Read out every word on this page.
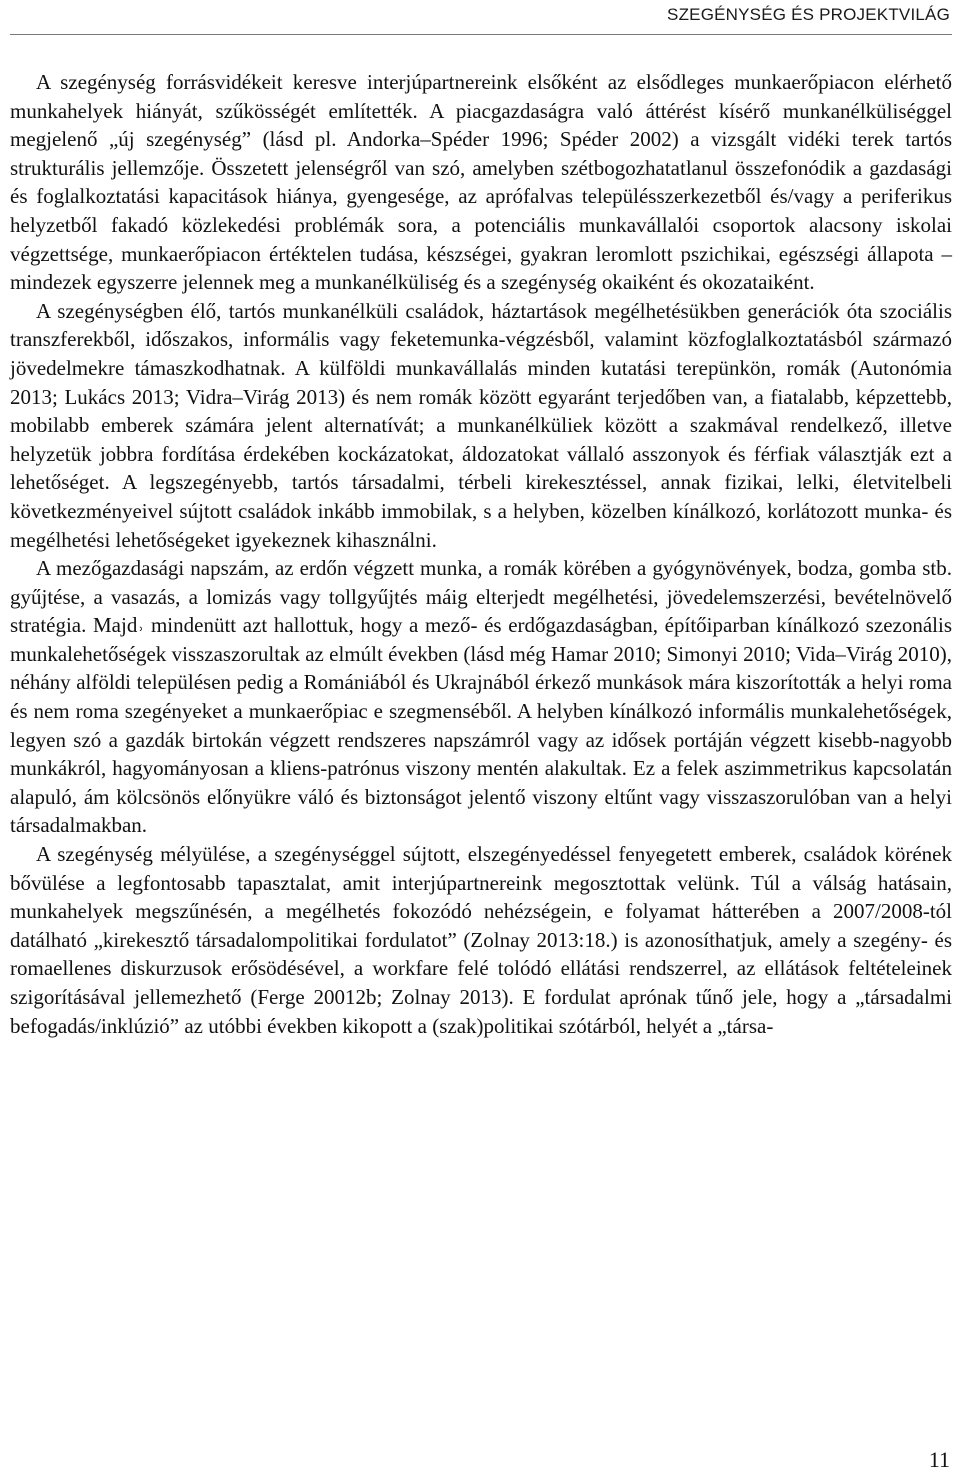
SZEGÉNYSÉG ÉS PROJEKTVILÁG

A szegénység forrásvidékeit keresve interjúpartnereink elsőként az elsődleges munkaerőpiacon elérhető munkahelyek hiányát, szűkösségét említették. A piacgazdaságra való áttérést kísérő munkanélküliséggel megjelenő „új szegénység” (lásd pl. Andorka–Spéder 1996; Spéder 2002) a vizsgált vidéki terek tartós strukturális jellemzője. Összetett jelenségről van szó, amelyben szétbogozhatatlanul összefonódik a gazdasági és foglalkoztatási kapacitások hiánya, gyengesége, az aprófalvas településszerkezetből és/vagy a periferikus helyzetből fakadó közlekedési problémák sora, a potenciális munkavállalói csoportok alacsony iskolai végzettsége, munkaerőpiacon értéktelen tudása, készségei, gyakran leromlott pszichikai, egészségi állapota – mindezek egyszerre jelennek meg a munkanélküliség és a szegénység okaiként és okozataiként.

A szegénységben élő, tartós munkanélküli családok, háztartások megélhetésükben generációk óta szociális transzferekből, időszakos, informális vagy feketemunka-végzésből, valamint közfoglalkoztatásból származó jövedelmekre támaszkodhatnak. A külföldi munkavállalás minden kutatási terepünkön, romák (Autonómia 2013; Lukács 2013; Vidra–Virág 2013) és nem romák között egyaránt terjedőben van, a fiatalabb, képzettebb, mobilabb emberek számára jelent alternatívát; a munkanélküliek között a szakmával rendelkező, illetve helyzetük jobbra fordítása érdekében kockázatokat, áldozatokat vállaló asszonyok és férfiak választják ezt a lehetőséget. A legszegényebb, tartós társadalmi, térbeli kirekesztéssel, annak fizikai, lelki, életvitelbeli következményeivel sújtott családok inkább immobilak, s a helyben, közelben kínálkozó, korlátozott munka- és megélhetési lehetőségeket igyekeznek kihasználni.

A mezőgazdasági napszám, az erdőn végzett munka, a romák körében a gyógynövények, bodza, gomba stb. gyűjtése, a vasazás, a lomizás vagy tollgyűjtés máig elterjedt megélhetési, jövedelemszerzési, bevételnövelő stratégia. Majd˒ mindenütt azt hallottuk, hogy a mező- és erdőgazdaságban, építőiparban kínálkozó szezonális munkalehetőségek visszaszorultak az elmúlt években (lásd még Hamar 2010; Simonyi 2010; Vida–Virág 2010), néhány alföldi településen pedig a Romániából és Ukrajnából érkező munkások mára kiszorították a helyi roma és nem roma szegényeket a munkaerőpiac e szegmenséből. A helyben kínálkozó informális munkalehetőségek, legyen szó a gazdák birtokán végzett rendszeres napszámról vagy az idősek portáján végzett kisebb-nagyobb munkákról, hagyományosan a kliens-patrónus viszony mentén alakultak. Ez a felek aszimmetrikus kapcsolatán alapuló, ám kölcsönös előnyükre váló és biztonságot jelentő viszony eltűnt vagy visszaszorulóban van a helyi társadalmakban.

A szegénység mélyülése, a szegénységgel sújtott, elszegényedéssel fenyegetett emberek, családok körének bővülése a legfontosabb tapasztalat, amit interjúpartnereink megosztottak velünk. Túl a válság hatásain, munkahelyek megszűnésén, a megélhetés fokozódó nehézségein, e folyamat hátterében a 2007/2008-tól datálható „kirekesztő társadalompolitikai fordulatot” (Zolnay 2013:18.) is azonosíthatjuk, amely a szegény- és romaellenes diskurzusok erősödésével, a workfare felé tolódó ellátási rendszerrel, az ellátások feltételeinek szigorításával jellemezhető (Ferge 20012b; Zolnay 2013). E fordulat aprónak tűnő jele, hogy a „társadalmi befogadás/inklúzió” az utóbbi években kikopott a (szak)politikai szótárból, helyét a „társa-

11
